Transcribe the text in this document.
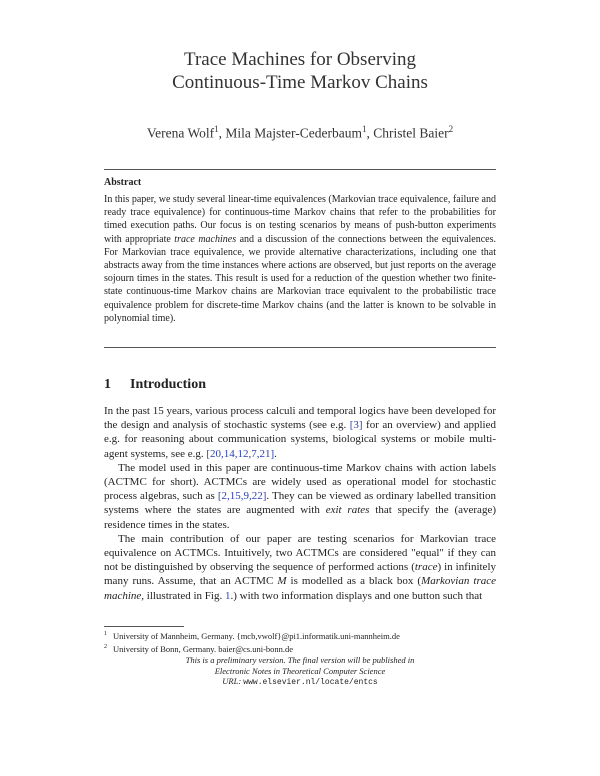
Trace Machines for Observing
Continuous-Time Markov Chains
Verena Wolf$^1$, Mila Majster-Cederbaum$^1$, Christel Baier$^2$
Abstract
In this paper, we study several linear-time equivalences (Markovian trace equivalence, failure and ready trace equivalence) for continuous-time Markov chains that refer to the probabilities for timed execution paths. Our focus is on testing scenarios by means of push-button experiments with appropriate trace machines and a discussion of the connections between the equivalences. For Markovian trace equivalence, we provide alternative characterizations, including one that abstracts away from the time instances where actions are observed, but just reports on the average sojourn times in the states. This result is used for a reduction of the question whether two finite-state continuous-time Markov chains are Markovian trace equivalent to the probabilistic trace equivalence problem for discrete-time Markov chains (and the latter is known to be solvable in polynomial time).
1 Introduction

In the past 15 years, various process calculi and temporal logics have been developed for the design and analysis of stochastic systems (see e.g. [3] for an overview) and applied e.g. for reasoning about communication systems, biological systems or mobile multi-agent systems, see e.g. [20,14,12,7,21].

The model used in this paper are continuous-time Markov chains with action labels (ACTMC for short). ACTMCs are widely used as operational model for stochastic process algebras, such as [2,15,9,22]. They can be viewed as ordinary labelled transition systems where the states are augmented with exit rates that specify the (average) residence times in the states.

The main contribution of our paper are testing scenarios for Markovian trace equivalence on ACTMCs. Intuitively, two ACTMCs are considered "equal" if they can not be distinguished by observing the sequence of performed actions (trace) in infinitely many runs. Assume, that an ACTMC M is modelled as a black box (Markovian trace machine, illustrated in Fig. 1.) with two information displays and one button such that

$^1$ University of Mannheim, Germany. {mcb,vwolf}@pi1.informatik.uni-mannheim.de
$^2$ University of Bonn, Germany. baier@cs.uni-bonn.de
This is a preliminary version. The final version will be published in
Electronic Notes in Theoretical Computer Science
URL: www.elsevier.nl/locate/entcs
